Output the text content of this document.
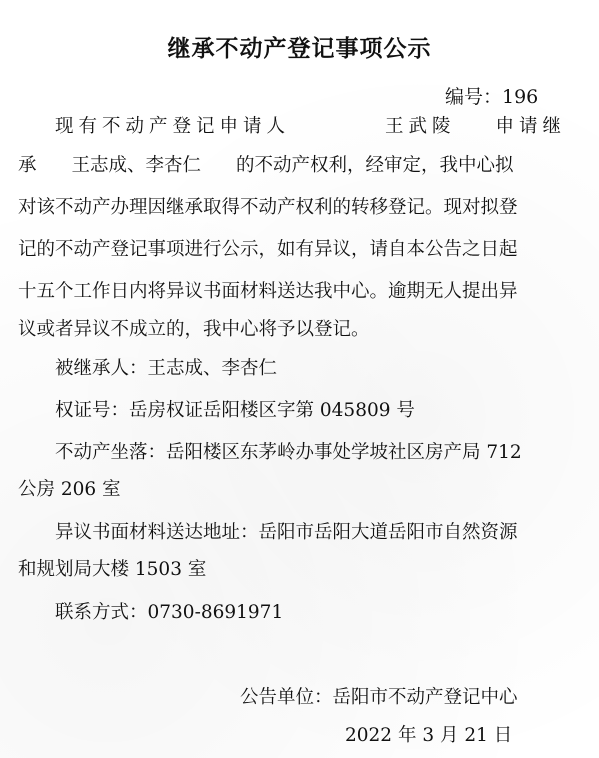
继承不动产登记事项公示
编号：196
现有不动产登记申请人	王武陵 申请继
承 王志成、李杏仁 的不动产权利，经审定，我中心拟
对该不动产办理因继承取得不动产权利的转移登记。现对拟登
记的不动产登记事项进行公示，如有异议，请自本公告之日起
十五个工作日内将异议书面材料送达我中心。逾期无人提出异
议或者异议不成立的，我中心将予以登记。
被继承人：王志成、李杏仁
权证号：岳房权证岳阳楼区字第 045809 号
不动产坐落：岳阳楼区东茅岭办事处学坡社区房产局 712
公房 206 室
异议书面材料送达地址：岳阳市岳阳大道岳阳市自然资源
和规划局大楼 1503 室
联系方式：0730-8691971
公告单位：岳阳市不动产登记中心
2022 年 3 月 21 日
